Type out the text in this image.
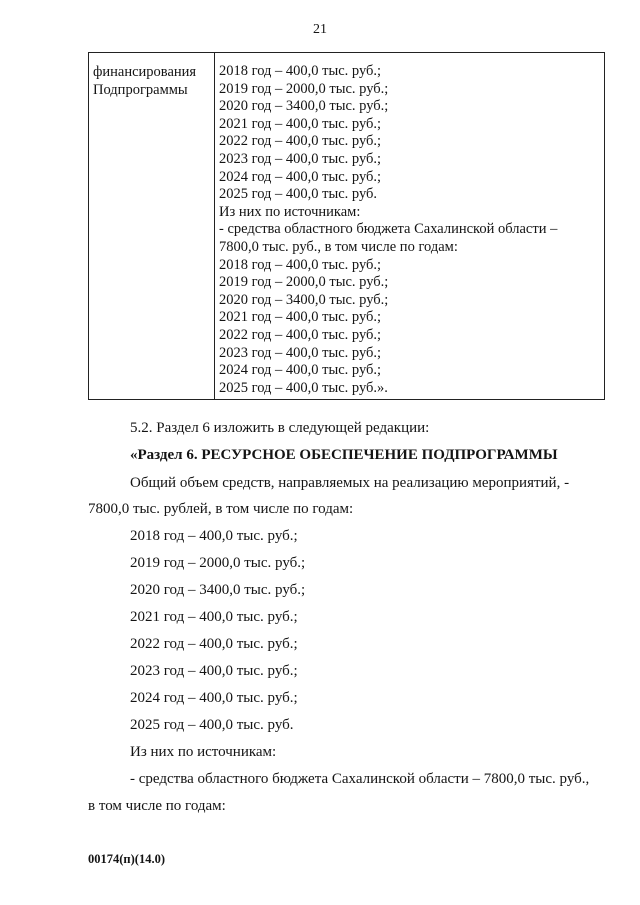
21
финансирования
Подпрограммы
2018 год – 400,0 тыс. руб.;
2019 год – 2000,0 тыс. руб.;
2020 год – 3400,0 тыс. руб.;
2021 год – 400,0 тыс. руб.;
2022 год – 400,0 тыс. руб.;
2023 год – 400,0 тыс. руб.;
2024 год – 400,0 тыс. руб.;
2025 год – 400,0 тыс. руб.
Из них по источникам:
- средства областного бюджета Сахалинской области –
7800,0 тыс. руб., в том числе по годам:
2018 год – 400,0 тыс. руб.;
2019 год – 2000,0 тыс. руб.;
2020 год – 3400,0 тыс. руб.;
2021 год – 400,0 тыс. руб.;
2022 год – 400,0 тыс. руб.;
2023 год – 400,0 тыс. руб.;
2024 год – 400,0 тыс. руб.;
2025 год – 400,0 тыс. руб.».
5.2. Раздел 6 изложить в следующей редакции:
«Раздел 6. РЕСУРСНОЕ ОБЕСПЕЧЕНИЕ ПОДПРОГРАММЫ
Общий объем средств, направляемых на реализацию мероприятий, -
7800,0 тыс. рублей, в том числе по годам:
2018 год – 400,0 тыс. руб.;
2019 год – 2000,0 тыс. руб.;
2020 год – 3400,0 тыс. руб.;
2021 год – 400,0 тыс. руб.;
2022 год – 400,0 тыс. руб.;
2023 год – 400,0 тыс. руб.;
2024 год – 400,0 тыс. руб.;
2025 год – 400,0 тыс. руб.
Из них по источникам:
- средства областного бюджета Сахалинской области – 7800,0 тыс. руб.,
в том числе по годам:
00174(п)(14.0)
